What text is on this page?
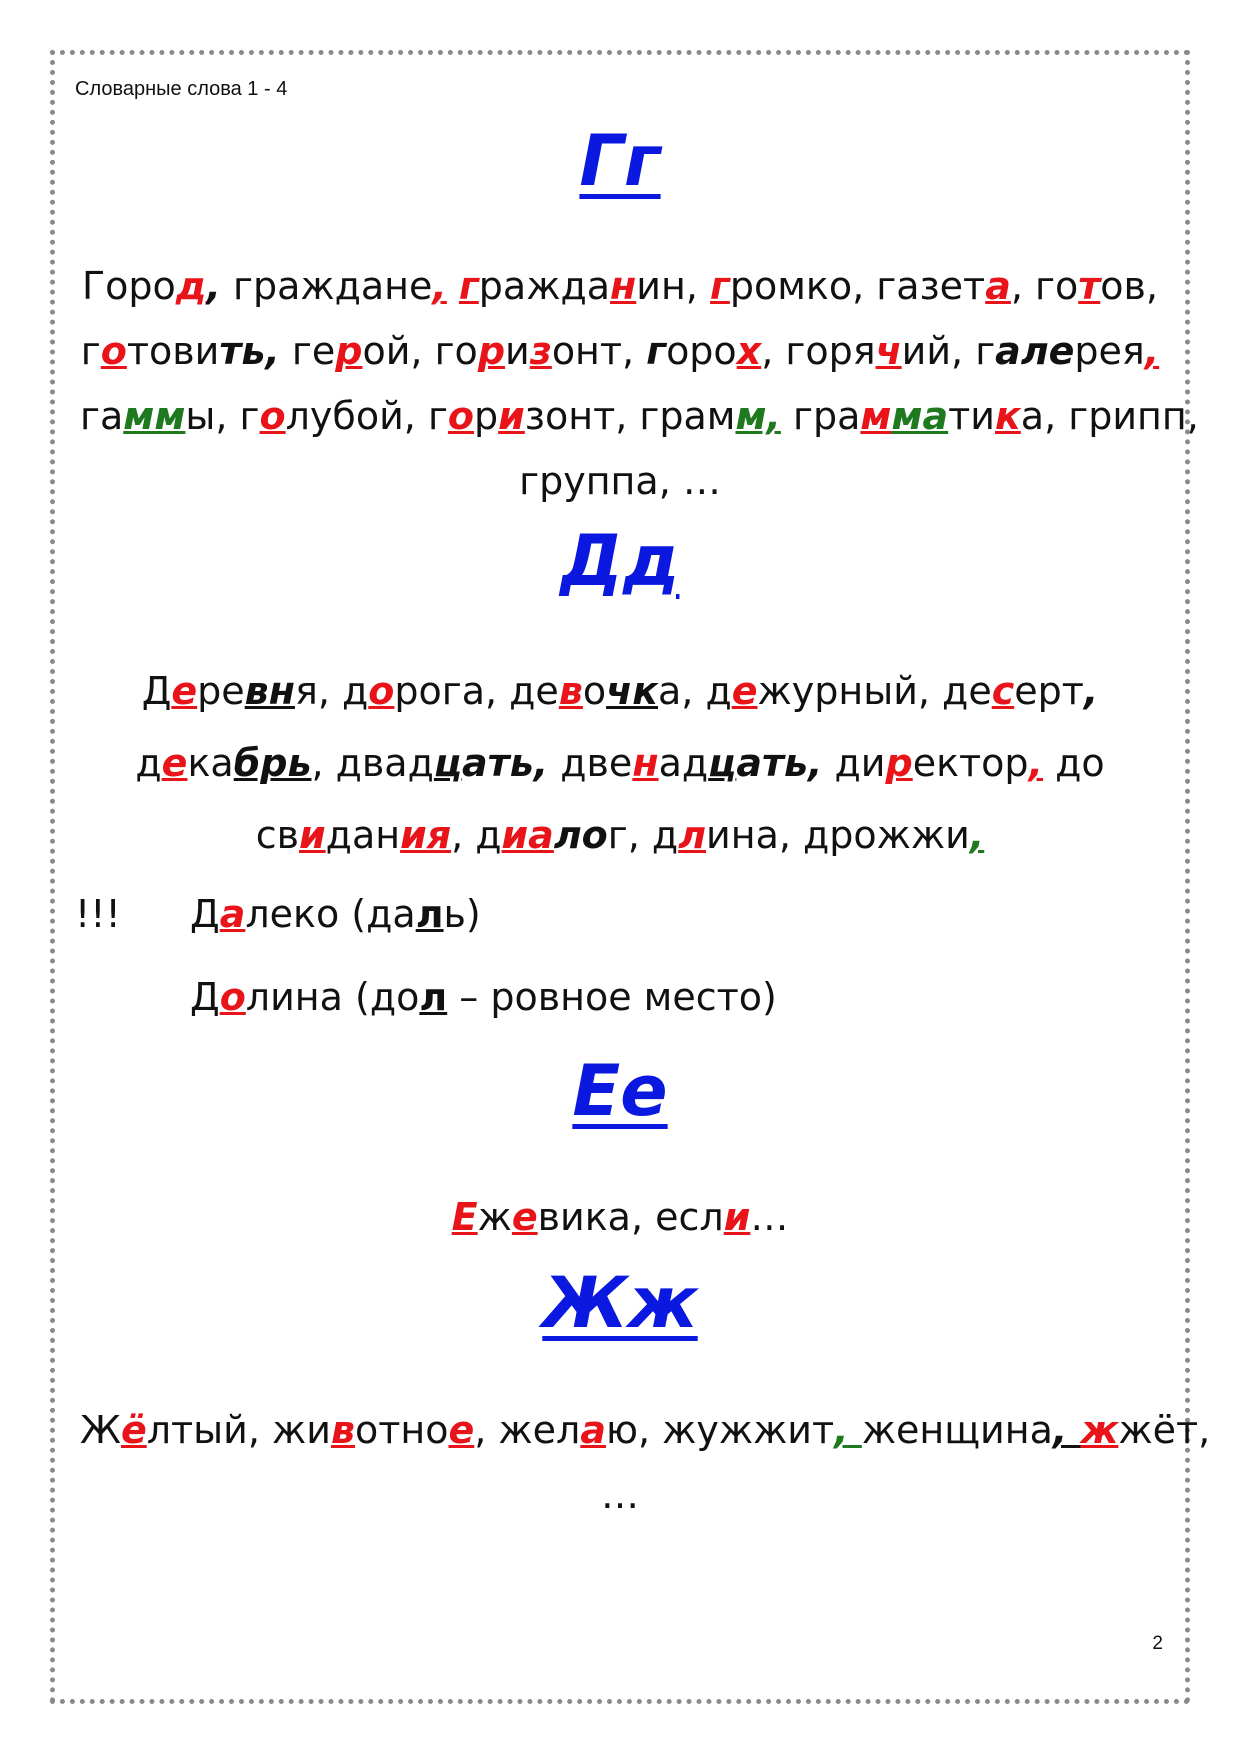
Словарные слова 1 - 4
Гг
Город, граждане, гражданин, громко, газета, готов,
готовить, герой, горизонт, горох, горячий, галерея,
гаммы, голубой, горизонт, грамм, грамматика, грипп,
группа, …
Дд
Деревня, дорога, девочка, дежурный, десерт,
декабрь, двадцать, двенадцать, директор, до
свидания, диалог, длина, дрожжи,
!!! Далеко (даль)
Долина (дол – ровное место)
Ее
Ежевика, если…
Жж
Жёлтый, животное, желаю, жужжит, женщина, жжёт,
…
2
